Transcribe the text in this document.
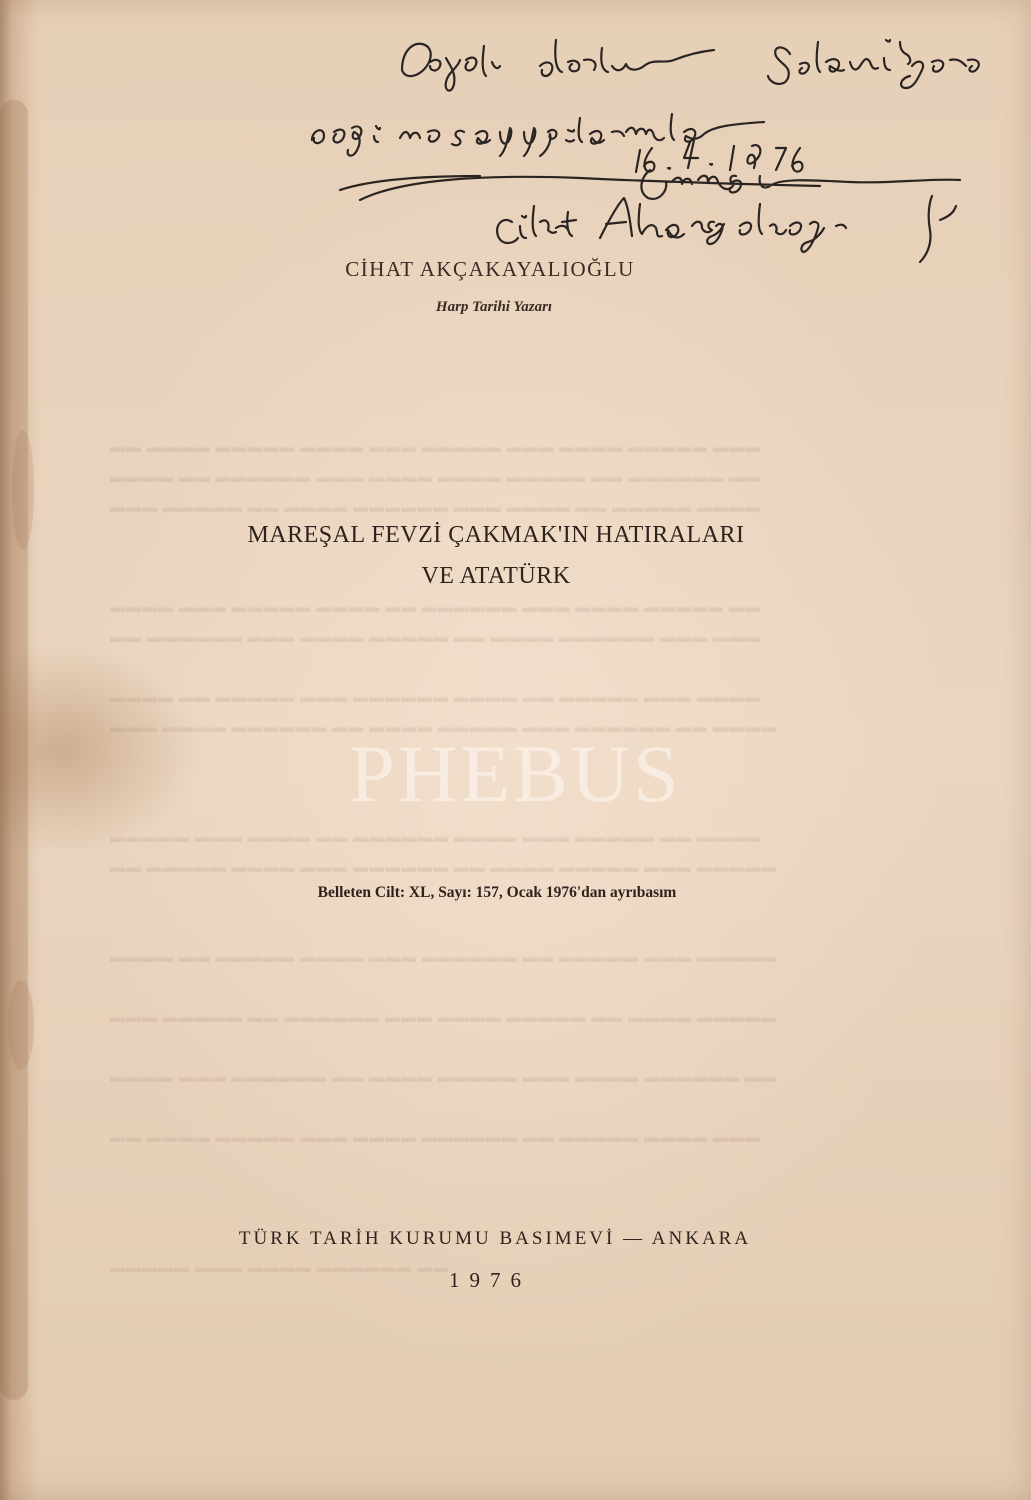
▬▬ ▬▬▬▬ ▬▬▬▬▬ ▬▬▬▬ ▬▬▬ ▬▬▬▬▬ ▬▬▬ ▬▬▬▬ ▬▬▬▬▬ ▬▬▬
▬▬▬▬ ▬▬ ▬▬▬▬▬▬ ▬▬▬ ▬▬▬▬ ▬▬▬▬ ▬▬▬▬▬ ▬▬ ▬▬▬▬▬▬ ▬▬
▬▬▬ ▬▬▬▬▬ ▬▬ ▬▬▬▬ ▬▬▬▬▬▬ ▬▬▬ ▬▬▬▬ ▬▬ ▬▬▬▬▬ ▬▬▬▬
▬▬▬▬ ▬▬▬ ▬▬▬▬▬ ▬▬▬▬ ▬▬ ▬▬▬▬▬▬ ▬▬▬ ▬▬▬▬ ▬▬▬▬▬ ▬▬
▬▬ ▬▬▬▬▬▬ ▬▬▬ ▬▬▬▬ ▬▬▬▬▬ ▬▬ ▬▬▬▬ ▬▬▬▬▬▬ ▬▬▬ ▬▬▬
▬▬▬▬ ▬▬ ▬▬▬▬▬ ▬▬▬ ▬▬▬▬▬▬ ▬▬▬▬ ▬▬ ▬▬▬▬▬ ▬▬▬ ▬▬▬▬
▬▬▬ ▬▬▬▬ ▬▬▬▬▬▬ ▬▬ ▬▬▬▬ ▬▬▬▬▬ ▬▬▬ ▬▬▬▬▬▬ ▬▬ ▬▬▬▬
▬▬▬▬▬ ▬▬▬ ▬▬▬▬ ▬▬ ▬▬▬▬▬▬ ▬▬▬▬ ▬▬▬ ▬▬▬▬▬ ▬▬ ▬▬▬▬
▬▬ ▬▬▬▬▬ ▬▬▬▬ ▬▬▬ ▬▬▬▬▬▬ ▬▬ ▬▬▬▬ ▬▬▬▬▬ ▬▬▬ ▬▬▬▬▬
▬▬▬▬ ▬▬ ▬▬▬▬▬ ▬▬▬▬ ▬▬▬ ▬▬▬▬▬▬ ▬▬ ▬▬▬▬▬ ▬▬▬ ▬▬▬▬▬
▬▬▬ ▬▬▬▬▬ ▬▬ ▬▬▬▬▬▬ ▬▬▬ ▬▬▬▬ ▬▬▬▬▬ ▬▬ ▬▬▬▬ ▬▬▬▬▬
▬▬▬▬ ▬▬▬ ▬▬▬▬▬▬ ▬▬ ▬▬▬▬ ▬▬▬▬▬ ▬▬▬ ▬▬▬▬ ▬▬▬▬▬▬ ▬▬
▬▬ ▬▬▬▬ ▬▬▬▬▬ ▬▬▬ ▬▬▬▬ ▬▬▬▬▬▬ ▬▬ ▬▬▬▬▬ ▬▬▬▬ ▬▬▬
▬▬▬▬▬ ▬▬▬ ▬▬▬▬ ▬▬▬▬▬▬ ▬▬
CİHAT AKÇAKAYALIOĞLU
Harp Tarihi Yazarı
MAREŞAL FEVZİ ÇAKMAK'IN HATIRALARI
VE ATATÜRK
PHEBUS
Belleten Cilt: XL, Sayı: 157, Ocak 1976'dan ayrıbasım
TÜRK TARİH KURUMU BASIMEVİ — ANKARA
1976
